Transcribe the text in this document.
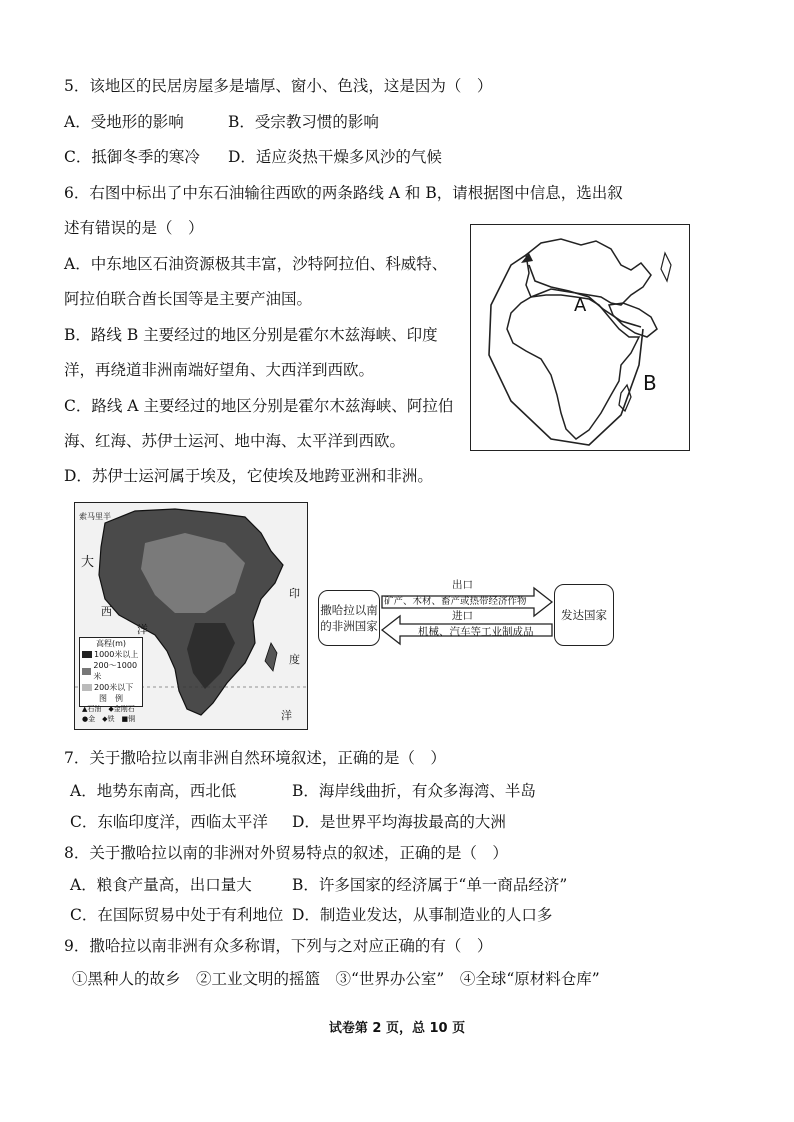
5．该地区的民居房屋多是墙厚、窗小、色浅，这是因为（　）
A．受地形的影响	B．受宗教习惯的影响
C．抵御冬季的寒冷 D．适应炎热干燥多风沙的气候
6．右图中标出了中东石油输往西欧的两条路线 A 和 B，请根据图中信息，选出叙
述有错误的是（　）
A．中东地区石油资源极其丰富，沙特阿拉伯、科威特、
阿拉伯联合酋长国等是主要产油国。
B．路线 B 主要经过的地区分别是霍尔木兹海峡、印度
洋，再绕道非洲南端好望角、大西洋到西欧。
C．路线 A 主要经过的地区分别是霍尔木兹海峡、阿拉伯
海、红海、苏伊士运河、地中海、太平洋到西欧。
D．苏伊士运河属于埃及，它使埃及地跨亚洲和非洲。
A
B
索马里半
大
西
洋
印
度
洋
高程(m)
1000米以上
200～1000米
200米以下
图　例
▲石油　◆金刚石
●金　◆铁　■铜
撒哈拉以南的非洲国家
发达国家
出口
矿产、木材、畜产或热带经济作物
进口
机械、汽车等工业制成品
7．关于撒哈拉以南非洲自然环境叙述，正确的是（　）
A．地势东南高，西北低	B．海岸线曲折，有众多海湾、半岛
C．东临印度洋，西临太平洋 D．是世界平均海拔最高的大洲
8．关于撒哈拉以南的非洲对外贸易特点的叙述，正确的是（　）
A．粮食产量高，出口量大	B．许多国家的经济属于“单一商品经济”
C．在国际贸易中处于有利地位 D．制造业发达，从事制造业的人口多
9．撒哈拉以南非洲有众多称谓，下列与之对应正确的有（　）
①黑种人的故乡　②工业文明的摇篮　③“世界办公室”　④全球“原材料仓库”
试卷第 2 页，总 10 页
